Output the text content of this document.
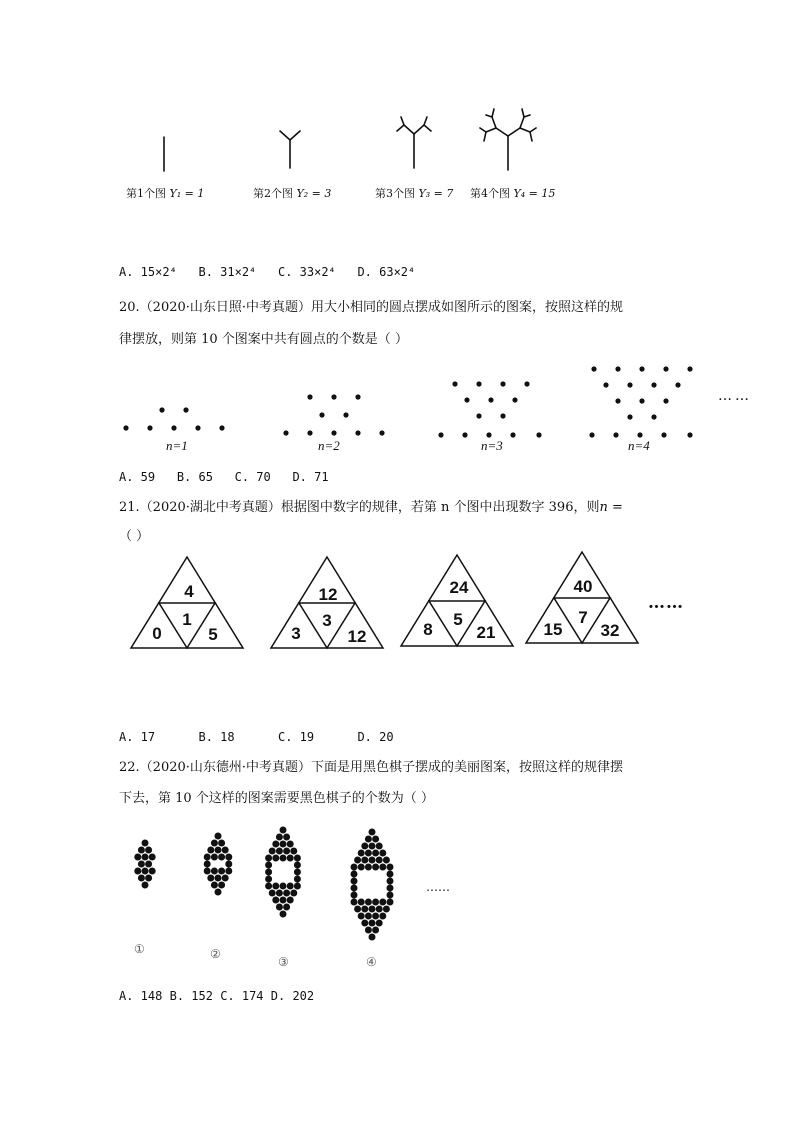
第1个图 Y₁ = 1	第2个图 Y₂ = 3	第3个图 Y₃ = 7 第4个图 Y₄ = 15
A. 15×2⁴ B. 31×2⁴ C. 33×2⁴ D. 63×2⁴
20.（2020·山东日照·中考真题）用大小相同的圆点摆成如图所示的图案，按照这样的规
律摆放，则第 10 个图案中共有圆点的个数是（ ）
n=1	n=2	n=3	n=4
……
A. 59 B. 65 C. 70 D. 71
21.（2020·湖北中考真题）根据图中数字的规律，若第 n 个图中出现数字 396，则n =
（ ）
4
1
0	5
12
3
3	12
24
5
8	21
40
7
15 32
……
A. 17	B. 18	C. 19	D. 20
22.（2020·山东德州·中考真题）下面是用黑色棋子摆成的美丽图案，按照这样的规律摆
下去，第 10 个这样的图案需要黑色棋子的个数为（ ）
①	②
③	④
……
A. 148 B. 152 C. 174 D. 202
